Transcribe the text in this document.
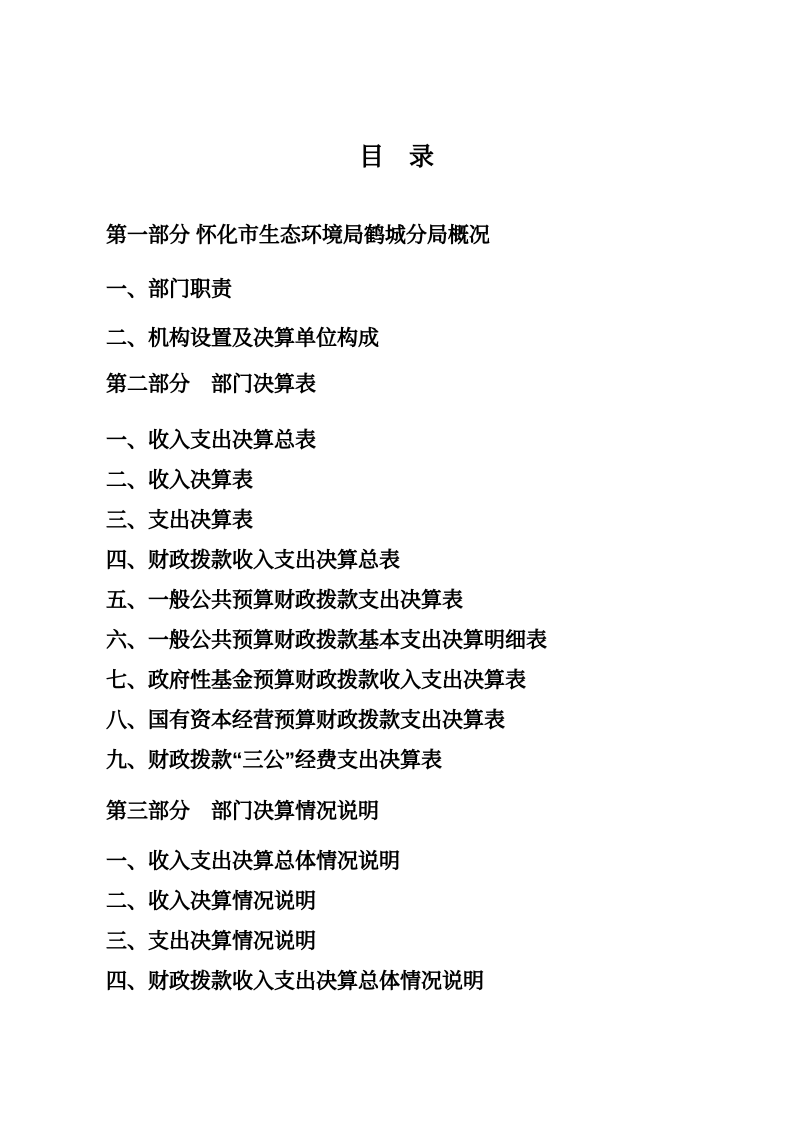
目　录

第一部分 怀化市生态环境局鹤城分局概况

一、部门职责

二、机构设置及决算单位构成

第二部分　部门决算表

一、收入支出决算总表

二、收入决算表

三、支出决算表

四、财政拨款收入支出决算总表

五、一般公共预算财政拨款支出决算表

六、一般公共预算财政拨款基本支出决算明细表

七、政府性基金预算财政拨款收入支出决算表

八、国有资本经营预算财政拨款支出决算表

九、财政拨款“三公”经费支出决算表

第三部分　部门决算情况说明

一、收入支出决算总体情况说明

二、收入决算情况说明

三、支出决算情况说明

四、财政拨款收入支出决算总体情况说明
